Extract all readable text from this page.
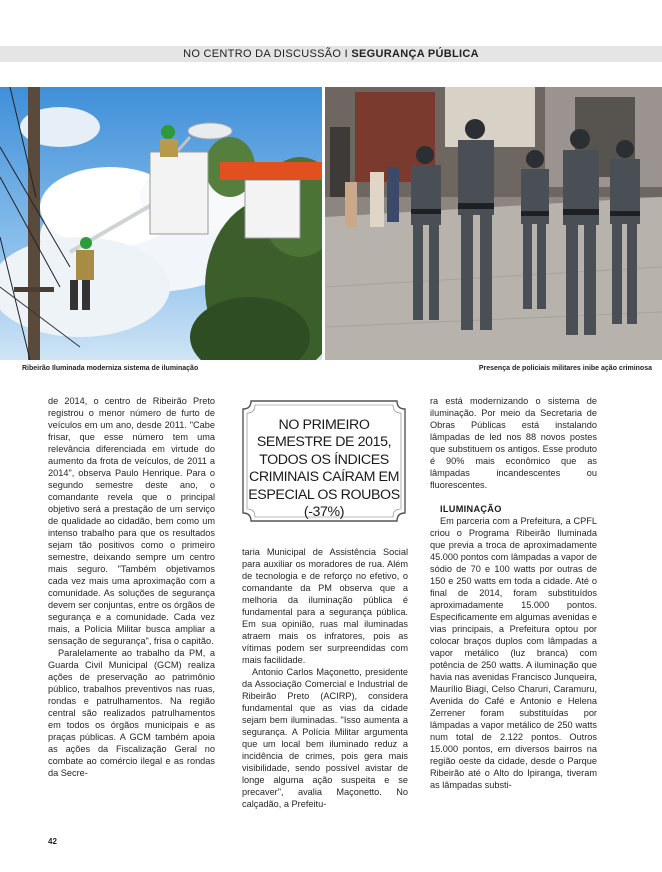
NO CENTRO DA DISCUSSÃO I SEGURANÇA PÚBLICA
Ribeirão Iluminada moderniza sistema de iluminação	Presença de policiais militares inibe ação criminosa

de 2014, o centro de Ribeirão Preto registrou o menor número de furto de veículos em um ano, desde 2011. "Cabe frisar, que esse número tem uma relevância diferenciada em virtude do aumento da frota de veículos, de 2011 a 2014", observa Paulo Henrique. Para o segundo semestre deste ano, o comandante revela que o principal objetivo será a prestação de um serviço de qualidade ao cidadão, bem como um intenso trabalho para que os resultados sejam tão positivos como o primeiro semestre, deixando sempre um centro mais seguro. "Também objetivamos cada vez mais uma aproximação com a comunidade. As soluções de segurança devem ser conjuntas, entre os órgãos de segurança e a comunidade. Cada vez mais, a Polícia Militar busca ampliar a sensação de segurança", frisa o capitão.

Paralelamente ao trabalho da PM, a Guarda Civil Municipal (GCM) realiza ações de preservação ao patrimônio público, trabalhos preventivos nas ruas, rondas e patrulhamentos. Na região central são realizados patrulhamentos em todos os órgãos municipais e as praças públicas. A GCM também apoia as ações da Fiscalização Geral no combate ao comércio ilegal e as rondas da Secre-

NO PRIMEIRO SEMESTRE DE 2015, TODOS OS ÍNDICES CRIMINAIS CAÍRAM EM ESPECIAL OS ROUBOS (-37%)

taria Municipal de Assistência Social para auxiliar os moradores de rua. Além de tecnologia e de reforço no efetivo, o comandante da PM observa que a melhoria da iluminação pública é fundamental para a segurança pública. Em sua opinião, ruas mal iluminadas atraem mais os infratores, pois as vítimas podem ser surpreendidas com mais facilidade.

Antonio Carlos Maçonetto, presidente da Associação Comercial e Industrial de Ribeirão Preto (ACIRP), considera fundamental que as vias da cidade sejam bem iluminadas. "Isso aumenta a segurança. A Polícia Militar argumenta que um local bem iluminado reduz a incidência de crimes, pois gera mais visibilidade, sendo possível avistar de longe alguma ação suspeita e se precaver", avalia Maçonetto. No calçadão, a Prefeitu-

ra está modernizando o sistema de iluminação. Por meio da Secretaria de Obras Públicas está instalando lâmpadas de led nos 88 novos postes que substituem os antigos. Esse produto é 90% mais econômico que as lâmpadas incandescentes ou fluorescentes.

ILUMINAÇÃO

Em parceria com a Prefeitura, a CPFL criou o Programa Ribeirão Iluminada que previa a troca de aproximadamente 45.000 pontos com lâmpadas a vapor de sódio de 70 e 100 watts por outras de 150 e 250 watts em toda a cidade. Até o final de 2014, foram substituídos aproximadamente 15.000 pontos. Especificamente em algumas avenidas e vias principais, a Prefeitura optou por colocar braços duplos com lâmpadas a vapor metálico (luz branca) com potência de 250 watts. A iluminação que havia nas avenidas Francisco Junqueira, Maurílio Biagi, Celso Charuri, Caramuru, Avenida do Café e Antonio e Helena Zerrener foram substituídas por lâmpadas a vapor metálico de 250 watts num total de 2.122 pontos. Outros 15.000 pontos, em diversos bairros na região oeste da cidade, desde o Parque Ribeirão até o Alto do Ipiranga, tiveram as lâmpadas substi-

42
